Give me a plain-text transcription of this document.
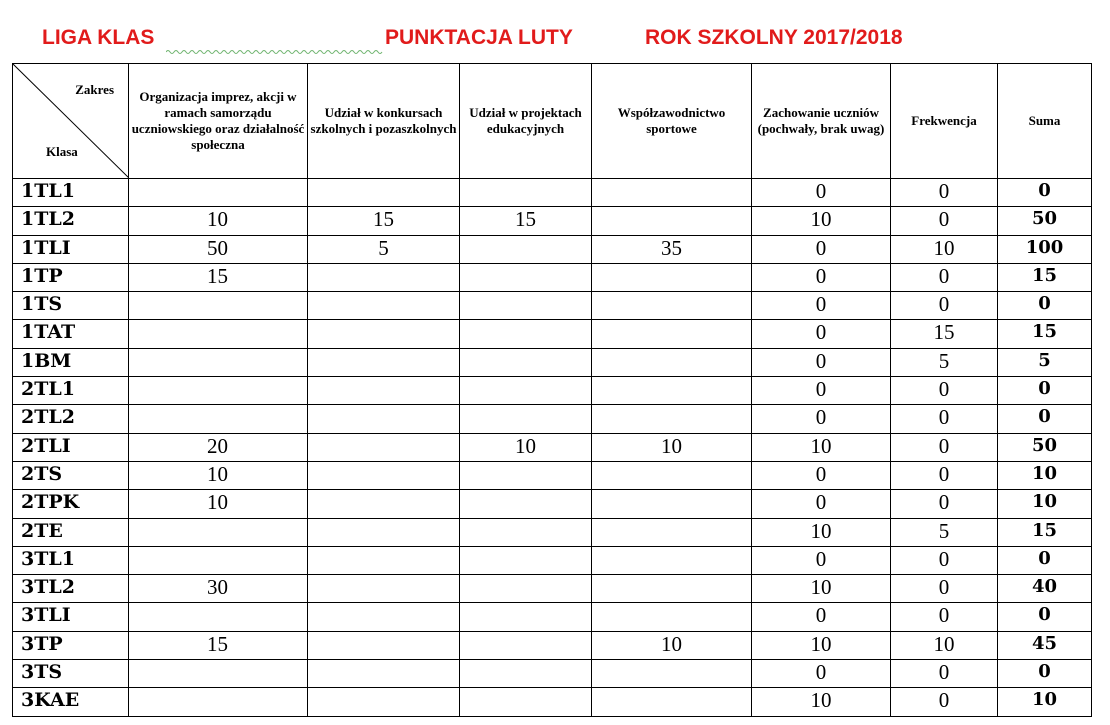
LIGA KLAS	PUNKTACJA LUTY	ROK SZKOLNY 2017/2018
Zakres
Klasa	Organizacja imprez, akcji w ramach samorządu uczniowskiego oraz działalność społeczna	Udział w konkursach szkolnych i pozaszkolnych	Udział w projektach edukacyjnych	Współzawodnictwo sportowe	Zachowanie uczniów (pochwały, brak uwag)	Frekwencja	Suma
1TL1					0	0	0
1TL2	10	15	15		10	0	50
1TLI	50	5		35	0	10	100
1TP	15				0	0	15
1TS					0	0	0
1TAT					0	15	15
1BM					0	5	5
2TL1					0	0	0
2TL2					0	0	0
2TLI	20		10	10	10	0	50
2TS	10				0	0	10
2TPK	10				0	0	10
2TE					10	5	15
3TL1					0	0	0
3TL2	30				10	0	40
3TLI					0	0	0
3TP	15			10	10	10	45
3TS					0	0	0
3KAE					10	0	10
